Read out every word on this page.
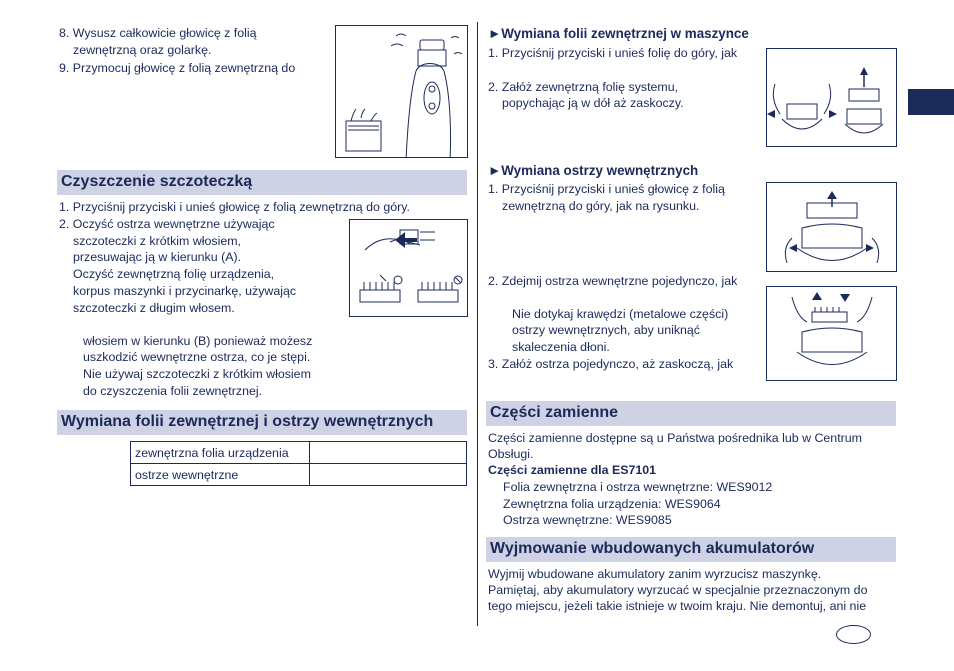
8. Wysusz całkowicie głowicę z folią
zewnętrzną oraz golarkę.
9. Przymocuj głowicę z folią zewnętrzną do
Czyszczenie szczoteczką
1. Przyciśnij przyciski i unieś głowicę z folią zewnętrzną do góry.
2. Oczyść ostrza wewnętrzne używając
szczoteczki z krótkim włosiem,
przesuwając ją w kierunku (A).
Oczyść zewnętrzną folię urządzenia,
korpus maszynki i przycinarkę, używając
szczoteczki z długim włosem.
włosiem w kierunku (B) ponieważ możesz
uszkodzić wewnętrzne ostrza, co je stępi.
Nie używaj szczoteczki z krótkim włosiem
do czyszczenia folii zewnętrznej.
Wymiana folii zewnętrznej i ostrzy wewnętrznych
zewnętrzna folia urządzenia	
ostrze wewnętrzne	
►Wymiana folii zewnętrznej w maszynce
1. Przyciśnij przyciski i unieś folię do góry, jak
2. Załóż zewnętrzną folię systemu,
popychając ją w dół aż zaskoczy.
►Wymiana ostrzy wewnętrznych
1. Przyciśnij przyciski i unieś głowicę z folią
zewnętrzną do góry, jak na rysunku.
2. Zdejmij ostrza wewnętrzne pojedynczo, jak
Nie dotykaj krawędzi (metalowe części)
ostrzy wewnętrznych, aby uniknąć
skaleczenia dłoni.
3. Załóż ostrza pojedynczo, aż zaskoczą, jak
Części zamienne
Części zamienne dostępne są u Państwa pośrednika lub w Centrum
Obsługi.
Części zamienne dla ES7101
Folia zewnętrzna i ostrza wewnętrzne: WES9012
Zewnętrzna folia urządzenia: WES9064
Ostrza wewnętrzne: WES9085
Wyjmowanie wbudowanych akumulatorów
Wyjmij wbudowane akumulatory zanim wyrzucisz maszynkę.
Pamiętaj, aby akumulatory wyrzucać w specjalnie przeznaczonym do
tego miejscu, jeżeli takie istnieje w twoim kraju. Nie demontuj, ani nie
